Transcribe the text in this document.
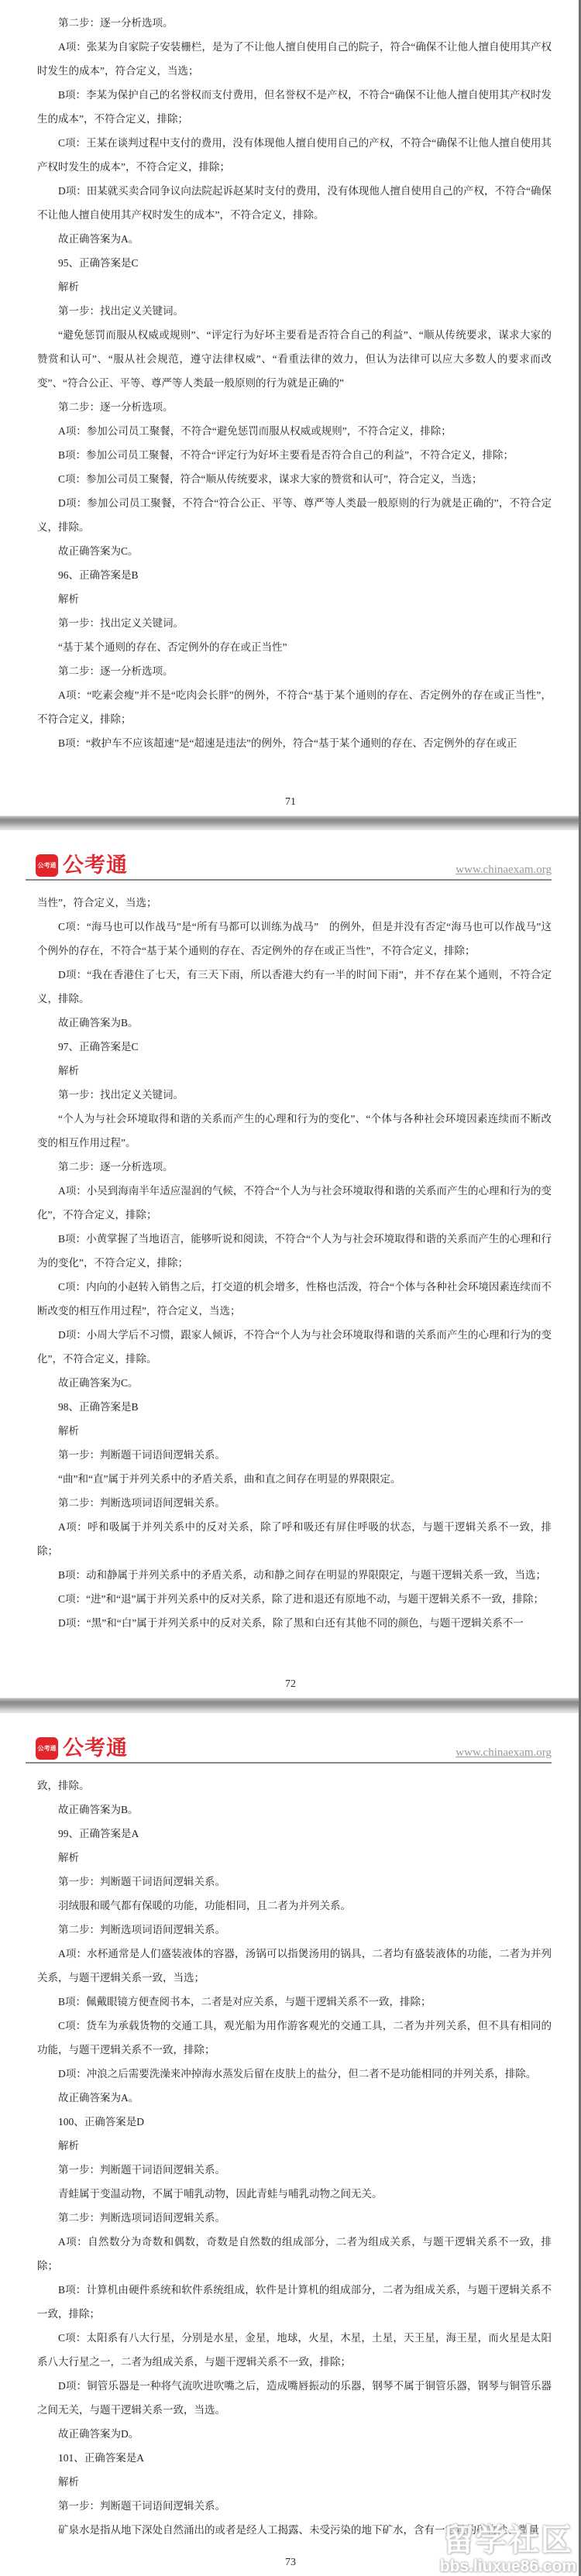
第二步：逐一分析选项。

A项：张某为自家院子安装栅栏，是为了不让他人擅自使用自己的院子，符合“确保不让他人擅自使用其产权时发生的成本”，符合定义，当选；

B项：李某为保护自己的名誉权而支付费用，但名誉权不是产权，不符合“确保不让他人擅自使用其产权时发生的成本”，不符合定义，排除；

C项：王某在谈判过程中支付的费用，没有体现他人擅自使用自己的产权，不符合“确保不让他人擅自使用其产权时发生的成本”，不符合定义，排除；

D项：田某就买卖合同争议向法院起诉赵某时支付的费用，没有体现他人擅自使用自己的产权，不符合“确保不让他人擅自使用其产权时发生的成本”，不符合定义，排除。

故正确答案为A。

95、正确答案是C

解析

第一步：找出定义关键词。

“避免惩罚而服从权威或规则”、“评定行为好坏主要看是否符合自己的利益”、“顺从传统要求，谋求大家的赞赏和认可”、“服从社会规范，遵守法律权威”、“看重法律的效力，但认为法律可以应大多数人的要求而改变”、“符合公正、平等、尊严等人类最一般原则的行为就是正确的”

第二步：逐一分析选项。

A项：参加公司员工聚餐，不符合“避免惩罚而服从权威或规则”，不符合定义，排除；

B项：参加公司员工聚餐，不符合“评定行为好坏主要看是否符合自己的利益”，不符合定义，排除；

C项：参加公司员工聚餐，符合“顺从传统要求，谋求大家的赞赏和认可”，符合定义，当选；

D项：参加公司员工聚餐，不符合“符合公正、平等、尊严等人类最一般原则的行为就是正确的”，不符合定义，排除。

故正确答案为C。

96、正确答案是B

解析

第一步：找出定义关键词。

“基于某个通则的存在、否定例外的存在或正当性”

第二步：逐一分析选项。

A项：“吃素会瘦”并不是“吃肉会长胖”的例外，不符合“基于某个通则的存在、否定例外的存在或正当性”，不符合定义，排除；

B项：“救护车不应该超速”是“超速是违法”的例外，符合“基于某个通则的存在、否定例外的存在或正

71
公考通 公考通	www.chinaexam.org

当性”，符合定义，当选；

C项：“海马也可以作战马”是“所有马都可以训练为战马”　的例外，但是并没有否定“海马也可以作战马”这个例外的存在，不符合“基于某个通则的存在、否定例外的存在或正当性”，不符合定义，排除；

D项：“我在香港住了七天，有三天下雨，所以香港大约有一半的时间下雨”，并不存在某个通则，不符合定义，排除。

故正确答案为B。

97、正确答案是C

解析

第一步：找出定义关键词。

“个人为与社会环境取得和谐的关系而产生的心理和行为的变化”、“个体与各种社会环境因素连续而不断改变的相互作用过程”。

第二步：逐一分析选项。

A项：小吴到海南半年适应湿润的气候，不符合“个人为与社会环境取得和谐的关系而产生的心理和行为的变化”，不符合定义，排除；

B项：小黄掌握了当地语言，能够听说和阅读，不符合“个人为与社会环境取得和谐的关系而产生的心理和行为的变化”，不符合定义，排除；

C项：内向的小赵转入销售之后，打交道的机会增多，性格也活泼，符合“个体与各种社会环境因素连续而不断改变的相互作用过程”，符合定义，当选；

D项：小周大学后不习惯，跟家人倾诉，不符合“个人为与社会环境取得和谐的关系而产生的心理和行为的变化”，不符合定义，排除。

故正确答案为C。

98、正确答案是B

解析

第一步：判断题干词语间逻辑关系。

“曲”和“直”属于并列关系中的矛盾关系，曲和直之间存在明显的界限限定。

第二步：判断选项词语间逻辑关系。

A项：呼和吸属于并列关系中的反对关系，除了呼和吸还有屏住呼吸的状态，与题干逻辑关系不一致，排除；

B项：动和静属于并列关系中的矛盾关系，动和静之间存在明显的界限限定，与题干逻辑关系一致，当选；

C项：“进”和“退”属于并列关系中的反对关系，除了进和退还有原地不动，与题干逻辑关系不一致，排除；

D项：“黑”和“白”属于并列关系中的反对关系，除了黑和白还有其他不同的颜色，与题干逻辑关系不一

72
公考通 公考通	www.chinaexam.org

致，排除。

故正确答案为B。

99、正确答案是A

解析

第一步：判断题干词语间逻辑关系。

羽绒服和暖气都有保暖的功能，功能相同，且二者为并列关系。

第二步：判断选项词语间逻辑关系。

A项：水杯通常是人们盛装液体的容器，汤锅可以指煲汤用的锅具，二者均有盛装液体的功能，二者为并列关系，与题干逻辑关系一致，当选；

B项：佩戴眼镜方便查阅书本，二者是对应关系，与题干逻辑关系不一致，排除；

C项：货车为承载货物的交通工具，观光船为用作游客观光的交通工具，二者为并列关系，但不具有相同的功能，与题干逻辑关系不一致，排除；

D项：冲浪之后需要洗澡来冲掉海水蒸发后留在皮肤上的盐分，但二者不是功能相同的并列关系，排除。

故正确答案为A。

100、正确答案是D

解析

第一步：判断题干词语间逻辑关系。

青蛙属于变温动物，不属于哺乳动物，因此青蛙与哺乳动物之间无关。

第二步：判断选项词语间逻辑关系。

A项：自然数分为奇数和偶数，奇数是自然数的组成部分，二者为组成关系，与题干逻辑关系不一致，排除；

B项：计算机由硬件系统和软件系统组成，软件是计算机的组成部分，二者为组成关系，与题干逻辑关系不一致，排除；

C项：太阳系有八大行星，分别是水星，金星，地球，火星，木星，土星，天王星，海王星，而火星是太阳系八大行星之一，二者为组成关系，与题干逻辑关系不一致，排除；

D项：铜管乐器是一种将气流吹进吹嘴之后，造成嘴唇振动的乐器，钢琴不属于铜管乐器，钢琴与铜管乐器之间无关，与题干逻辑关系一致，当选。

故正确答案为D。

101、正确答案是A

解析

第一步：判断题干词语间逻辑关系。

矿泉水是指从地下深处自然涌出的或者是经人工揭露、未受污染的地下矿水，含有一定量的矿物盐、微量

留学社区
bbs.liuxue86.com
73
